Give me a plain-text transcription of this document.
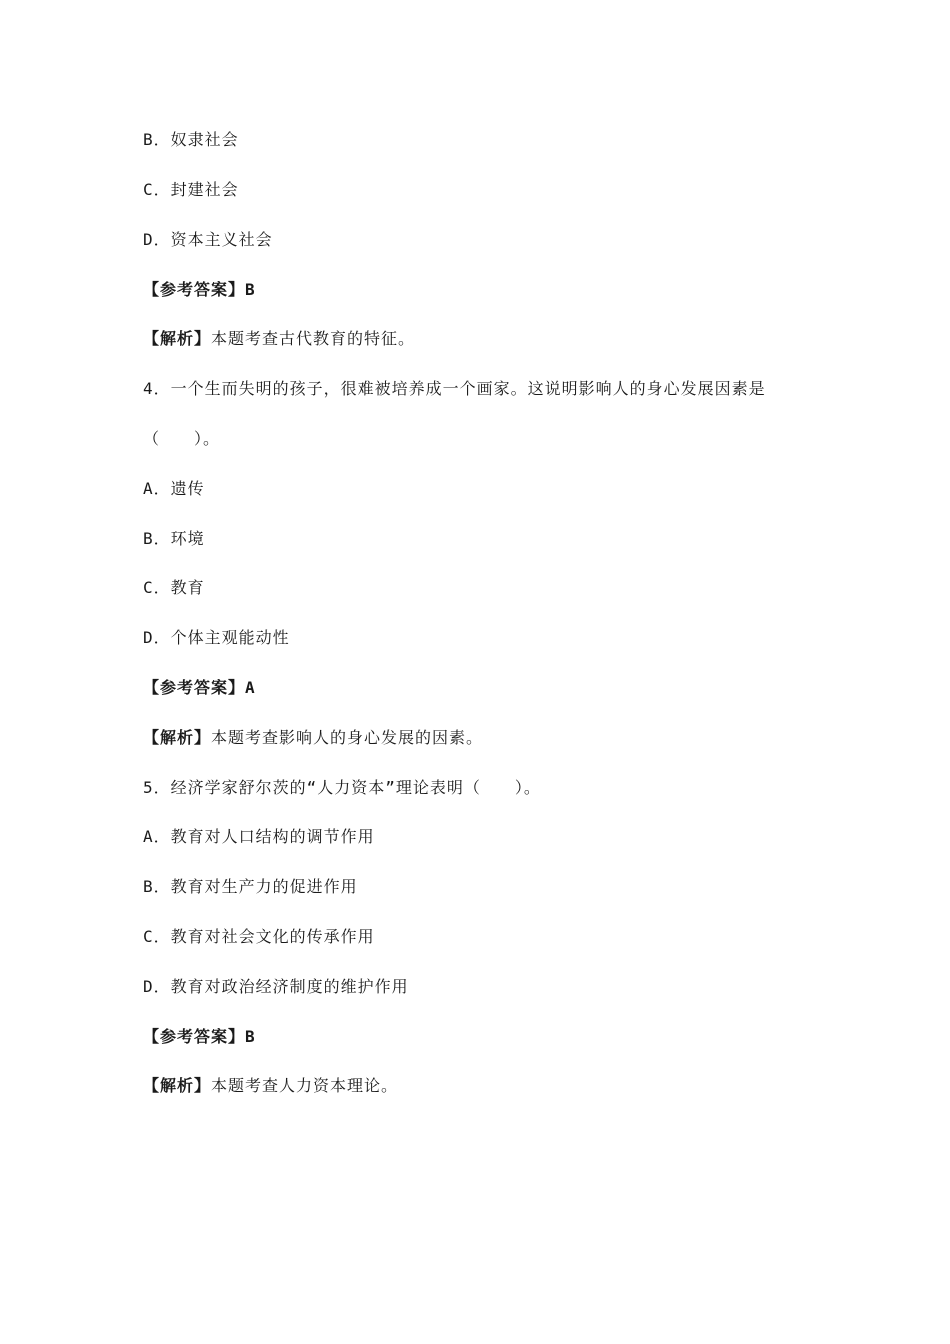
B．奴隶社会
C．封建社会
D．资本主义社会
【参考答案】B
【解析】本题考查古代教育的特征。
4．一个生而失明的孩子，很难被培养成一个画家。这说明影响人的身心发展因素是
（　　）。
A．遗传
B．环境
C．教育
D．个体主观能动性
【参考答案】A
【解析】本题考查影响人的身心发展的因素。
5．经济学家舒尔茨的“人力资本”理论表明（　　）。
A．教育对人口结构的调节作用
B．教育对生产力的促进作用
C．教育对社会文化的传承作用
D．教育对政治经济制度的维护作用
【参考答案】B
【解析】本题考查人力资本理论。
